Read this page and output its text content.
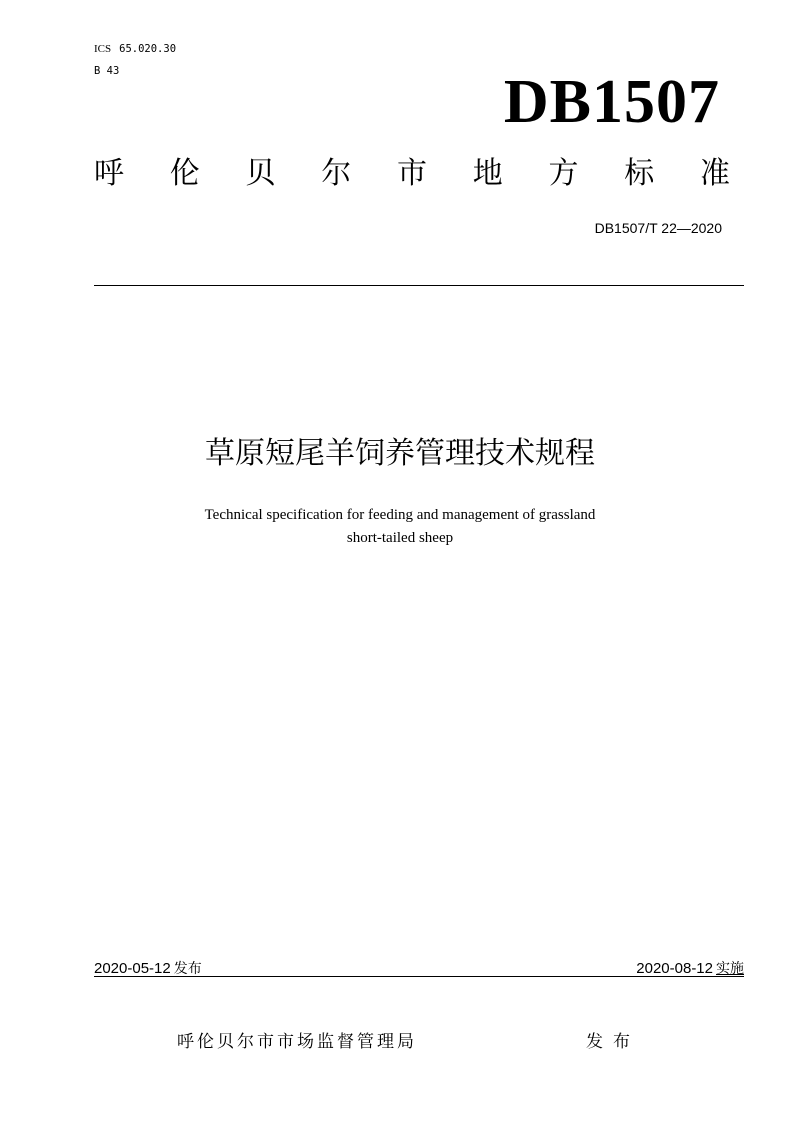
ICS 65.020.30
B 43	DB1507
呼 伦 贝 尔 市 地 方 标 准
DB1507/T 22—2020
草原短尾羊饲养管理技术规程
Technical specification for feeding and management of grassland
short-tailed sheep
2020-05-12 发布	2020-08-12 实施
呼伦贝尔市市场监督管理局	发布
